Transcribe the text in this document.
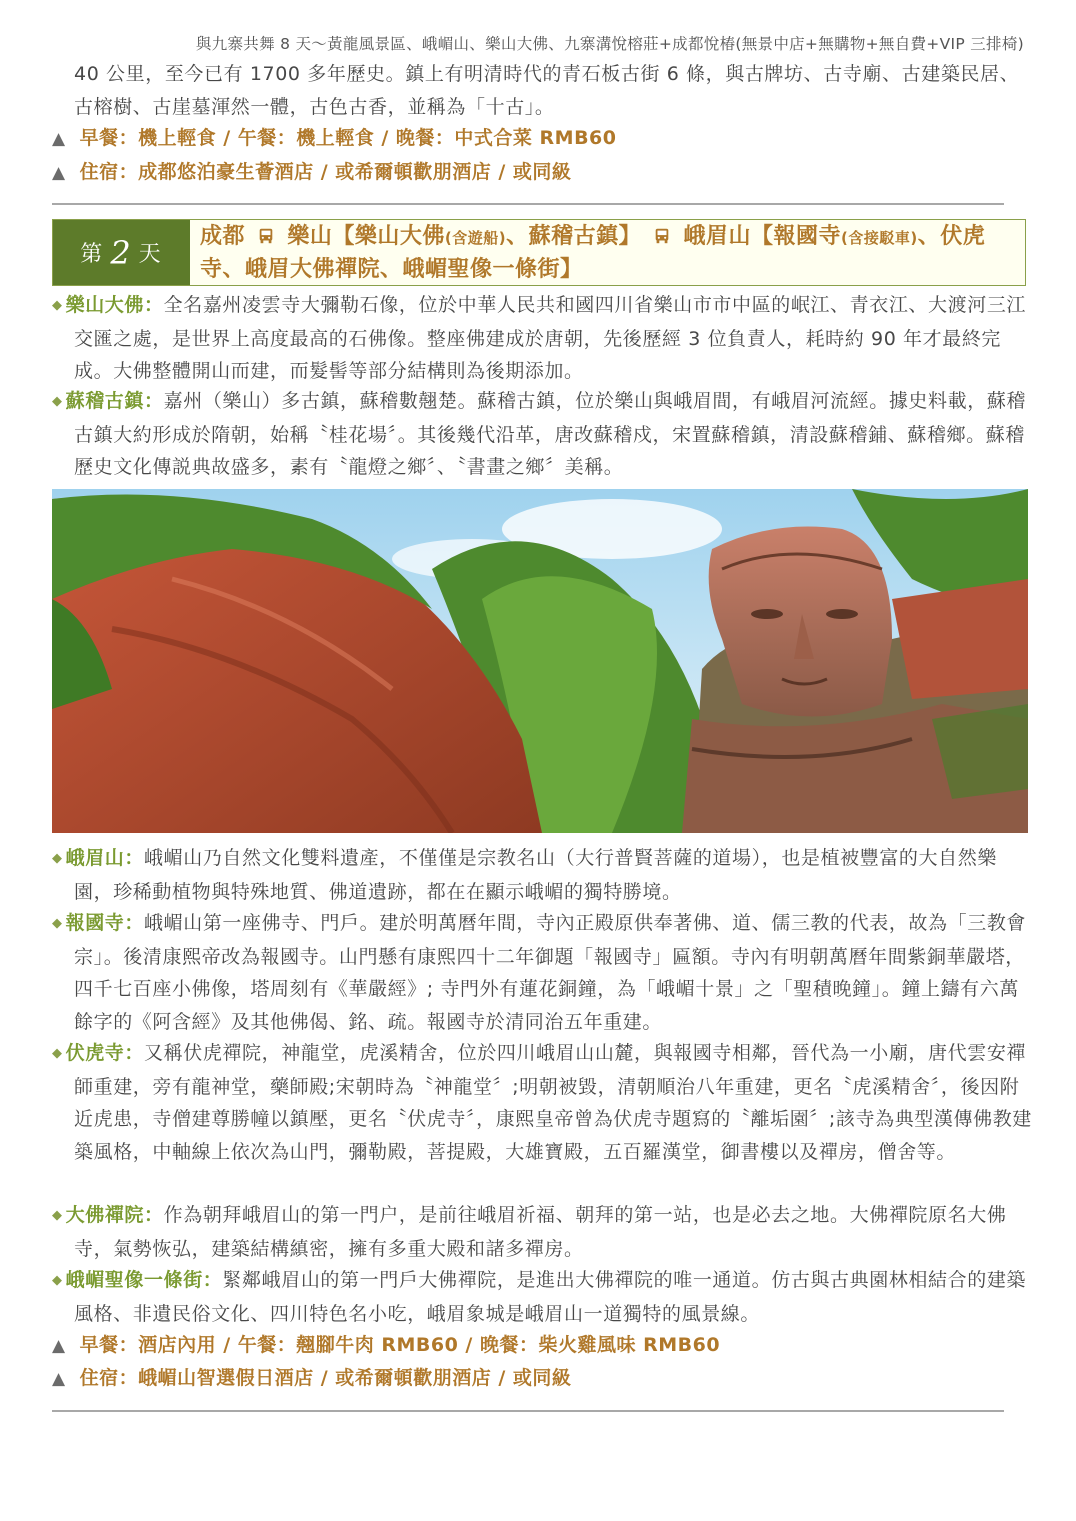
與九寨共舞 8 天～黃龍風景區、峨嵋山、樂山大佛、九寨溝悅榕莊+成都悅椿(無景中店+無購物+無自費+VIP 三排椅)
40 公里，至今已有 1700 多年歷史。鎮上有明清時代的青石板古街 6 條，與古牌坊、古寺廟、古建築民居、古榕樹、古崖墓渾然一體，古色古香，並稱為「十古」。
▲ 早餐：機上輕食 / 午餐：機上輕食 / 晚餐：中式合菜 RMB60
▲ 住宿：成都悠泊豪生薈酒店 / 或希爾頓歡朋酒店 / 或同級
第 2 天
成都 樂山【樂山大佛(含遊船)、蘇稽古鎮】 峨眉山【報國寺(含接駁車)、伏虎寺、峨眉大佛禪院、峨嵋聖像一條街】
◆ 樂山大佛：全名嘉州凌雲寺大彌勒石像，位於中華人民共和國四川省樂山市市中區的岷江、青衣江、大渡河三江交匯之處，是世界上高度最高的石佛像。整座佛建成於唐朝，先後歷經 3 位負責人，耗時約 90 年才最終完成。大佛整體開山而建，而髮髻等部分結構則為後期添加。
◆ 蘇稽古鎮：嘉州（樂山）多古鎮，蘇稽數翹楚。蘇稽古鎮，位於樂山與峨眉間，有峨眉河流經。據史料載，蘇稽古鎮大約形成於隋朝，始稱〝桂花場〞。其後幾代沿革，唐改蘇稽戍，宋置蘇稽鎮，清設蘇稽鋪、蘇稽鄉。蘇稽歷史文化傳説典故盛多，素有〝龍燈之鄉〞、〝書畫之鄉〞美稱。
◆ 峨眉山：峨嵋山乃自然文化雙料遺產，不僅僅是宗教名山（大行普賢菩薩的道場），也是植被豐富的大自然樂園，珍稀動植物與特殊地質、佛道遺跡，都在在顯示峨嵋的獨特勝境。
◆ 報國寺：峨嵋山第一座佛寺、門戶。建於明萬曆年間，寺內正殿原供奉著佛、道、儒三教的代表，故為「三教會宗」。後清康熙帝改為報國寺。山門懸有康熙四十二年御題「報國寺」匾額。寺內有明朝萬曆年間紫銅華嚴塔，四千七百座小佛像，塔周刻有《華嚴經》; 寺門外有蓮花銅鐘，為「峨嵋十景」之「聖積晚鐘」。鐘上鑄有六萬餘字的《阿含經》及其他佛偈、銘、疏。報國寺於清同治五年重建。
◆ 伏虎寺：又稱伏虎禪院，神龍堂，虎溪精舍，位於四川峨眉山山麓，與報國寺相鄰，晉代為一小廟，唐代雲安禪師重建，旁有龍神堂，藥師殿;宋朝時為〝神龍堂〞;明朝被毀，清朝順治八年重建，更名〝虎溪精舍〞，後因附近虎患，寺僧建尊勝幢以鎮壓，更名〝伏虎寺〞，康熙皇帝曾為伏虎寺題寫的〝離垢園〞;該寺為典型漢傳佛教建築風格，中軸線上依次為山門，彌勒殿，菩提殿，大雄寶殿，五百羅漢堂，御書樓以及禪房，僧舍等。
◆ 大佛禪院：作為朝拜峨眉山的第一門户，是前往峨眉祈福、朝拜的第一站，也是必去之地。大佛禪院原名大佛寺，氣勢恢弘，建築結構縝密，擁有多重大殿和諸多禪房。
◆ 峨嵋聖像一條街：緊鄰峨眉山的第一門戶大佛禪院，是進出大佛禪院的唯一通道。仿古與古典園林相結合的建築風格、非遺民俗文化、四川特色名小吃，峨眉象城是峨眉山一道獨特的風景線。
▲ 早餐：酒店內用 / 午餐：翹腳牛肉 RMB60 / 晚餐：柴火雞風味 RMB60
▲ 住宿：峨嵋山智選假日酒店 / 或希爾頓歡朋酒店 / 或同級
